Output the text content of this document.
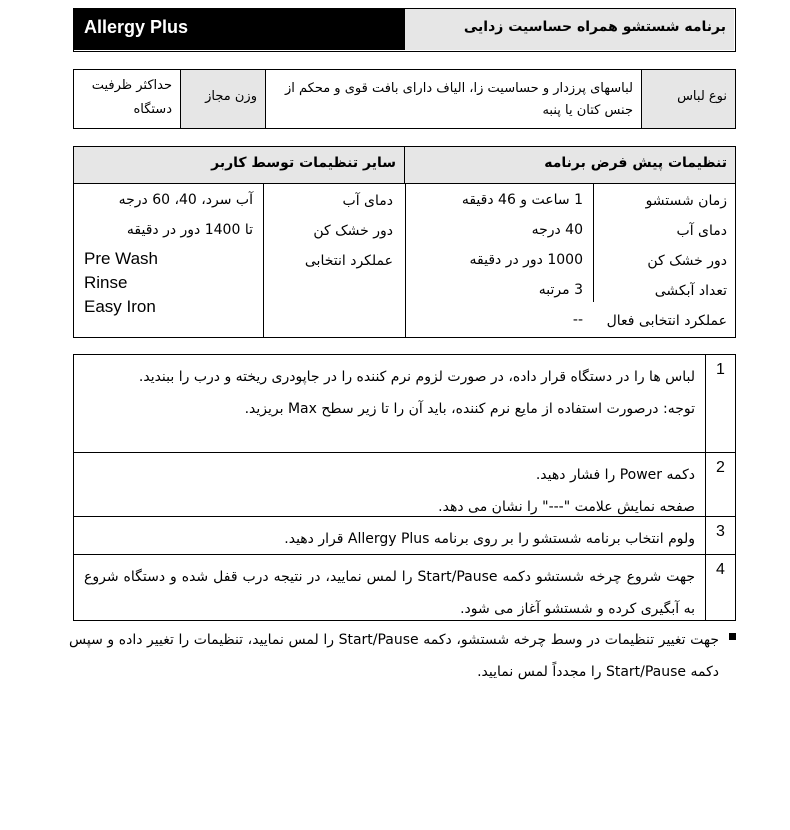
Allergy Plus	برنامه شستشو همراه حساسیت زدایی
نوع لباس
لباسهای پرزدار و حساسیت زا، الیاف دارای بافت قوی و محکم از جنس کتان یا پنبه
وزن مجاز
حداکثر ظرفیت دستگاه
تنظیمات پیش فرض برنامه
سایر تنظیمات توسط کاربر
زمان شستشو
دمای آب
دور خشک کن
تعداد آبکشی
عملکرد انتخابی فعال
1 ساعت و 46 دقیقه
40 درجه
1000 دور در دقیقه
3 مرتبه
--
دمای آب
دور خشک کن
عملکرد انتخابی
آب سرد، 40، 60 درجه
تا 1400 دور در دقیقه
Pre Wash
Rinse
Easy Iron
1
لباس ها را در دستگاه قرار داده، در صورت لزوم نرم کننده را در جاپودری ریخته و درب را ببندید.
توجه: درصورت استفاده از مایع نرم کننده، باید آن را تا زیر سطح Max بریزید.
2
دکمه Power را فشار دهید.
صفحه نمایش علامت "---" را نشان می دهد.
3
ولوم انتخاب برنامه شستشو را بر روی برنامه Allergy Plus قرار دهید.
4
جهت شروع چرخه شستشو دکمه Start/Pause را لمس نمایید، در نتیجه درب قفل شده و دستگاه شروع به آبگیری کرده و شستشو آغاز می شود.
جهت تغییر تنظیمات در وسط چرخه شستشو، دکمه Start/Pause را لمس نمایید، تنظیمات را تغییر داده و سپس دکمه Start/Pause را مجدداً لمس نمایید.
